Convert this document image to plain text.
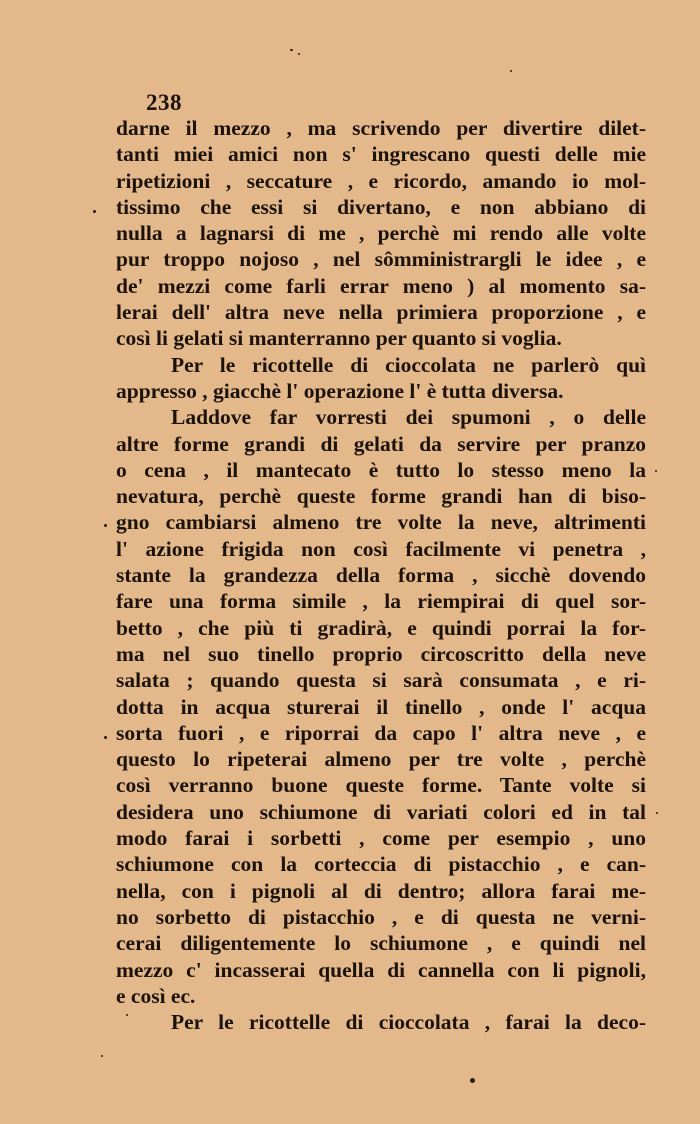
238
darne il mezzo , ma scrivendo per divertire dilet-
tanti miei amici non s' ingrescano questi delle mie
ripetizioni , seccature , e ricordo, amando io mol-
tissimo che essi si divertano, e non abbiano di
nulla a lagnarsi di me , perchè mi rendo alle volte
pur troppo nojoso , nel sômministrargli le idee , e
de' mezzi come farli errar meno ) al momento sa-
lerai dell' altra neve nella primiera proporzione , e
così li gelati si manterranno per quanto si voglia.
Per le ricottelle di cioccolata ne parlerò quì
appresso , giacchè l' operazione l' è tutta diversa.
Laddove far vorresti dei spumoni , o delle
altre forme grandi di gelati da servire per pranzo
o cena , il mantecato è tutto lo stesso meno la
nevatura, perchè queste forme grandi han di biso-
gno cambiarsi almeno tre volte la neve, altrimenti
l' azione frigida non così facilmente vi penetra ,
stante la grandezza della forma , sicchè dovendo
fare una forma simile , la riempirai di quel sor-
betto , che più ti gradirà, e quindi porrai la for-
ma nel suo tinello proprio circoscritto della neve
salata ; quando questa si sarà consumata , e ri-
dotta in acqua sturerai il tinello , onde l' acqua
sorta fuori , e riporrai da capo l' altra neve , e
questo lo ripeterai almeno per tre volte , perchè
così verranno buone queste forme. Tante volte si
desidera uno schiumone di variati colori ed in tal
modo farai i sorbetti , come per esempio , uno
schiumone con la corteccia di pistacchio , e can-
nella, con i pignoli al di dentro; allora farai me-
no sorbetto di pistacchio , e di questa ne verni-
cerai diligentemente lo schiumone , e quindi nel
mezzo c' incasserai quella di cannella con li pignoli,
e così ec.
Per le ricottelle di cioccolata , farai la deco-
